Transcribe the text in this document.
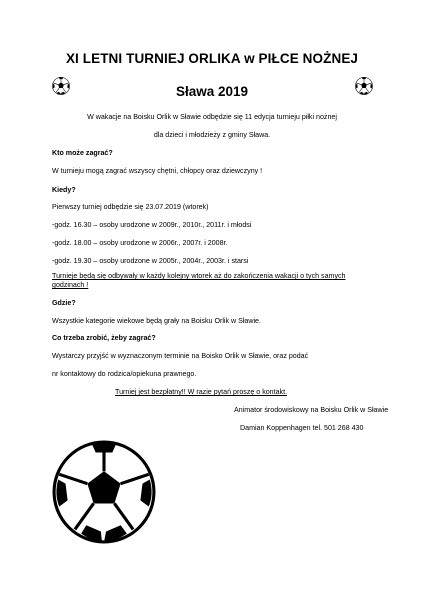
XI LETNI TURNIEJ ORLIKA w PIŁCE NOŻNEJ
Sława 2019
W wakacje na Boisku Orlik w Sławie odbędzie się 11 edycja turnieju piłki nożnej
dla dzieci i młodzieży z gminy Sława.
Kto może zagrać?
W turnieju mogą zagrać wszyscy chętni, chłopcy oraz dziewczyny !
Kiedy?
Pierwszy turniej odbędzie się 23.07.2019 (wtorek)
-godz. 16.30 – osoby urodzone w 2009r., 2010r., 2011r. i młodsi
-godz. 18.00 – osoby urodzone w 2006r., 2007r. i 2008r.
-godz. 19.30 – osoby urodzone w 2005r., 2004r., 2003r. i starsi
Turnieje będą się odbywały w każdy kolejny wtorek aż do zakończenia wakacji o tych samych godzinach !
Gdzie?
Wszystkie kategorie wiekowe będą grały na Boisku Orlik w Sławie.
Co trzeba zrobić, żeby zagrać?
Wystarczy przyjść w wyznaczonym terminie na Boisko Orlik w Sławie, oraz podać
nr kontaktowy do rodzica/opiekuna prawnego.
Turniej jest bezpłatny!! W razie pytań proszę o kontakt.
Animator środowiskowy na Boisku Orlik w Sławie
Damian Koppenhagen tel. 501 268 430
